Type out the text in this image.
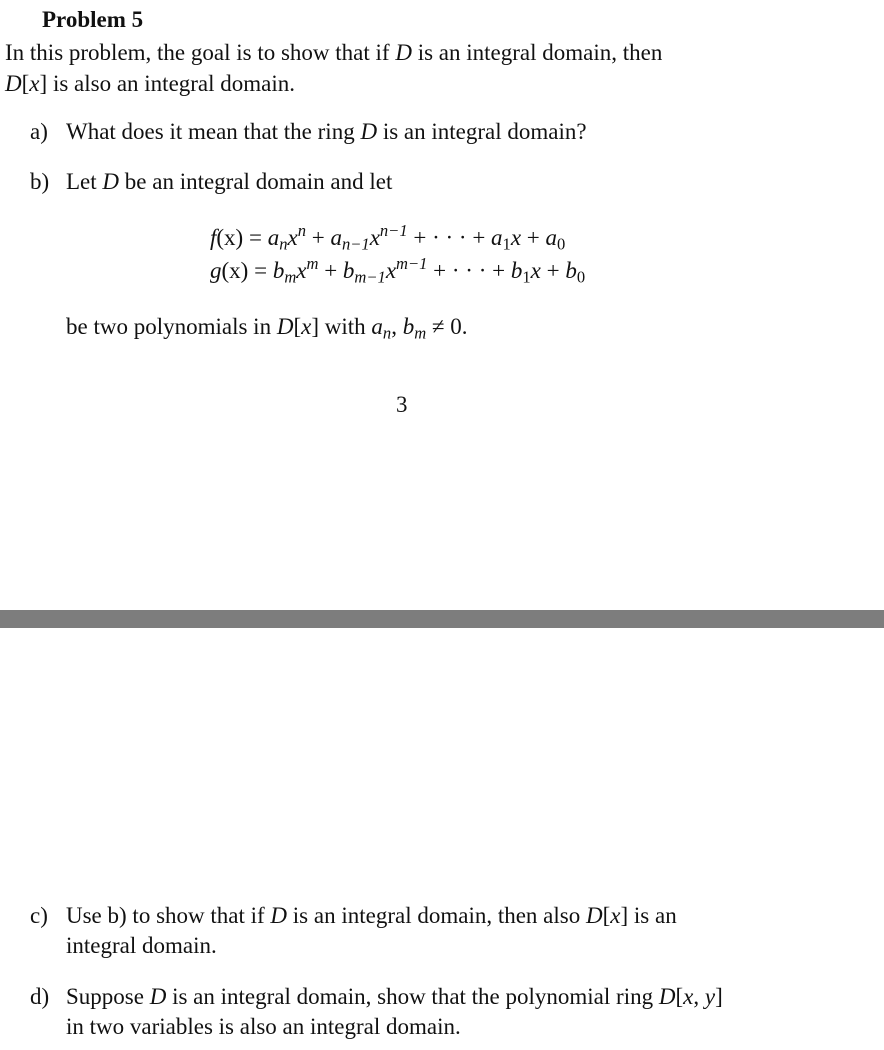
Problem 5
In this problem, the goal is to show that if D is an integral domain, then
D[x] is also an integral domain.
a) What does it mean that the ring D is an integral domain?
b) Let D be an integral domain and let
$f(x) = a_nx^n + a_{n-1}x^{n-1}$ + · · · + $a_1x + a_0$
$g(x) = b_mx^m + b_{m-1}x^{m-1}$ + · · · + $b_1x + b_0$
be two polynomials in D[x] with $a_n$, $b_m \ne 0$.
3
c) Use b) to show that if D is an integral domain, then also D[x] is an
integral domain.
d) Suppose D is an integral domain, show that the polynomial ring D[x, y]
in two variables is also an integral domain.
